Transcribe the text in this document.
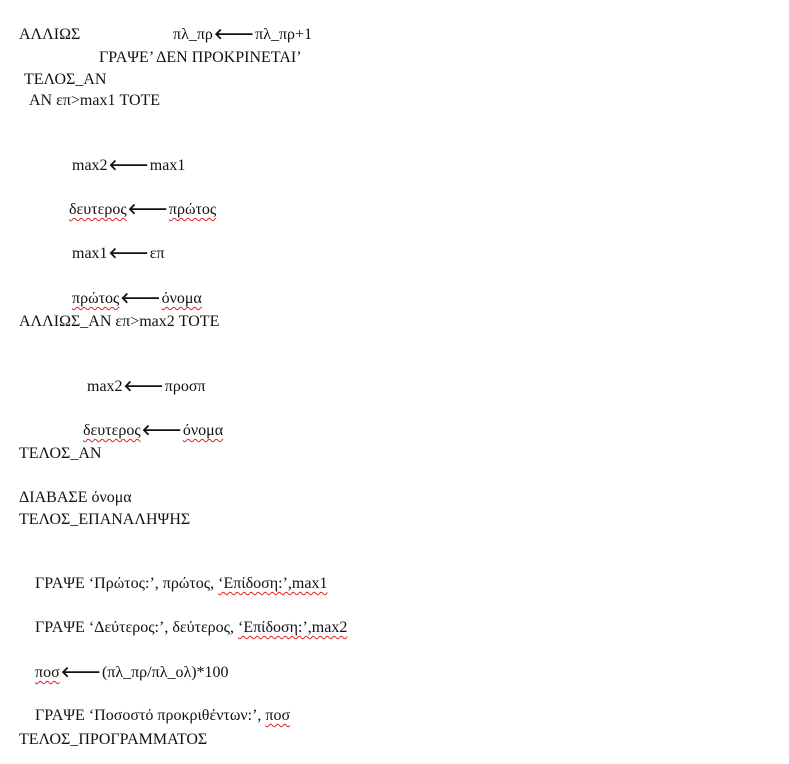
πλ_πρ🡐πλ_πρ+1

ΑΛΛΙΩΣ
ΓΡΑΨΕ’ ΔΕΝ ΠΡΟΚΡΙΝΕΤΑΙ’
ΤΕΛΟΣ_ΑΝ
ΑΝ επ>max1 ΤΟΤΕ

max2🡐max1

δευτερος🡐πρώτος

max1🡐επ

πρώτος🡐όνομα

ΑΛΛΙΩΣ_ΑΝ επ>max2 ΤΟΤΕ

max2🡐προσπ

δευτερος🡐όνομα

ΤΕΛΟΣ_ΑΝ
ΔΙΑΒΑΣΕ όνομα
ΤΕΛΟΣ_ΕΠΑΝΑΛΗΨΗΣ

ΓΡΑΨΕ ‘Πρώτος:’, πρώτος, ‘Επίδοση:’,max1

ΓΡΑΨΕ ‘Δεύτερος:’, δεύτερος, ‘Επίδοση:’,max2

ποσ🡐(πλ_πρ/πλ_ολ)*100

ΓΡΑΨΕ ‘Ποσοστό προκριθέντων:’, ποσ

ΤΕΛΟΣ_ΠΡΟΓΡΑΜΜΑΤΟΣ
